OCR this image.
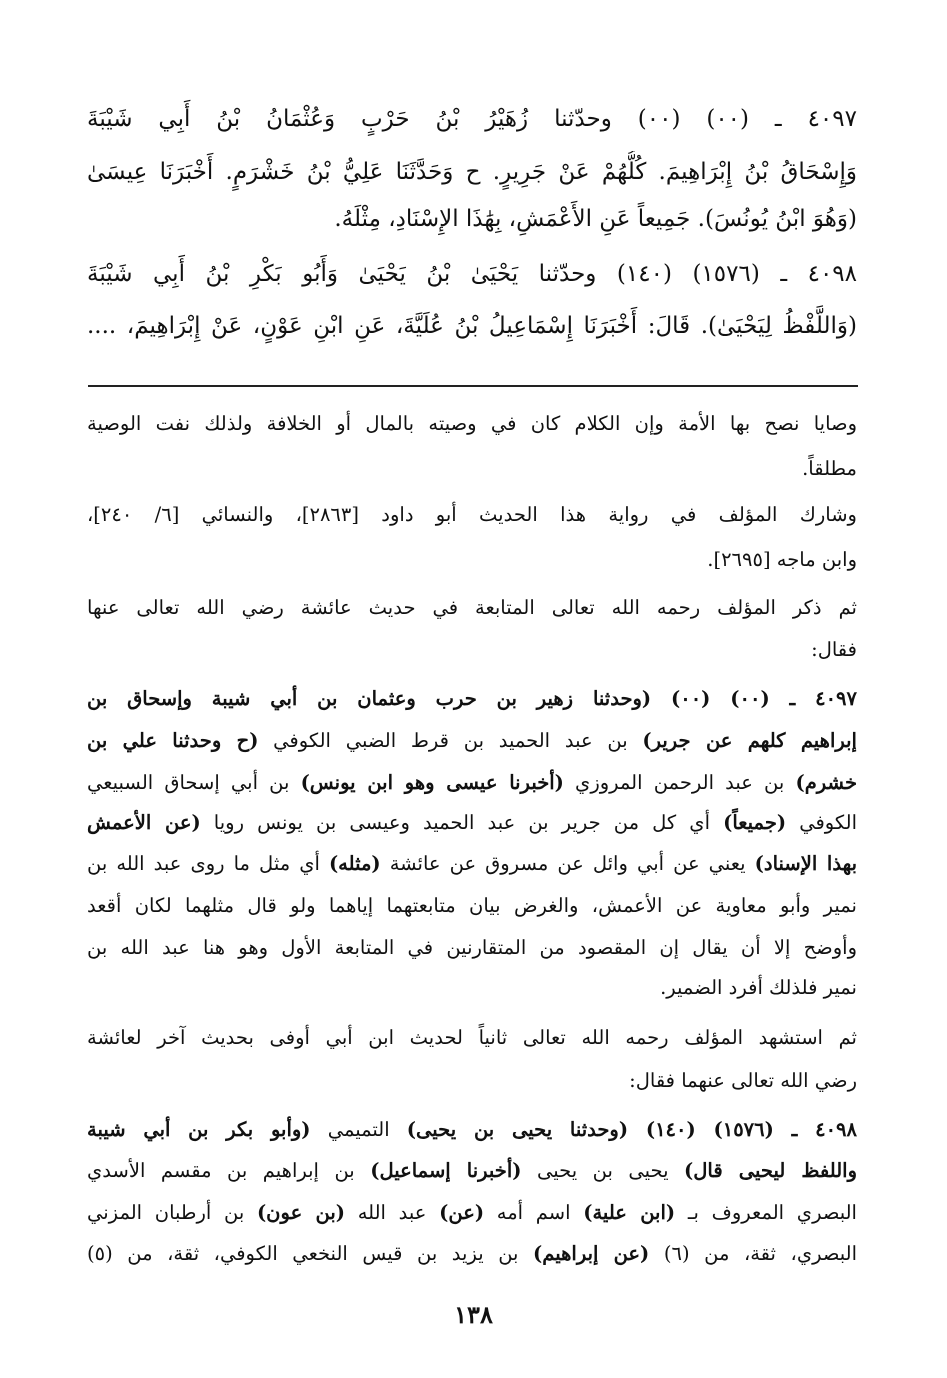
٤٠٩٧ ـ (٠٠) (٠٠) وحدّثنا زُهَيْرُ بْنُ حَرْبٍ وَعُثْمَانُ بْنُ أَبِي شَيْبَةَ
وَإِسْحَاقُ بْنُ إِبْرَاهِيمَ. كُلُّهُمْ عَنْ جَرِيرٍ. ح وَحَدَّثَنَا عَلِيُّ بْنُ خَشْرَمٍ. أَخْبَرَنَا عِيسَىٰ
(وَهُوَ ابْنُ يُونُسَ). جَمِيعاً عَنِ الأَعْمَشِ، بِهَٰذَا الإِسْنَادِ، مِثْلَهُ.
٤٠٩٨ ـ (١٥٧٦) (١٤٠) وحدّثنا يَحْيَىٰ بْنُ يَحْيَىٰ وَأَبُو بَكْرِ بْنُ أَبِي شَيْبَةَ
(وَاللَّفْظُ لِيَحْيَىٰ). قَالَ: أَخْبَرَنَا إِسْمَاعِيلُ بْنُ عُلَيَّةَ، عَنِ ابْنِ عَوْنٍ، عَنْ إِبْرَاهِيمَ، ....
وصايا نصح بها الأمة وإن الكلام كان في وصيته بالمال أو الخلافة ولذلك نفت الوصية
مطلقاً.
وشارك المؤلف في رواية هذا الحديث أبو داود [٢٨٦٣]، والنسائي [٦/ ٢٤٠]،
وابن ماجه [٢٦٩٥].
ثم ذكر المؤلف رحمه الله تعالى المتابعة في حديث عائشة رضي الله تعالى عنها
فقال:
٤٠٩٧ ـ (٠٠) (٠٠) (وحدثنا زهير بن حرب وعثمان بن أبي شيبة وإسحاق بن
إبراهيم كلهم عن جرير) بن عبد الحميد بن قرط الضبي الكوفي (ح وحدثنا علي بن
خشرم) بن عبد الرحمن المروزي (أخبرنا عيسى وهو ابن يونس) بن أبي إسحاق السبيعي
الكوفي (جميعاً) أي كل من جرير بن عبد الحميد وعيسى بن يونس رويا (عن الأعمش
بهذا الإسناد) يعني عن أبي وائل عن مسروق عن عائشة (مثله) أي مثل ما روى عبد الله بن
نمير وأبو معاوية عن الأعمش، والغرض بيان متابعتهما إياهما ولو قال مثلهما لكان أقعد
وأوضح إلا أن يقال إن المقصود من المتقارنين في المتابعة الأول وهو هنا عبد الله بن
نمير فلذلك أفرد الضمير.
ثم استشهد المؤلف رحمه الله تعالى ثانياً لحديث ابن أبي أوفى بحديث آخر لعائشة
رضي الله تعالى عنهما فقال:
٤٠٩٨ ـ (١٥٧٦) (١٤٠) (وحدثنا يحيى بن يحيى) التميمي (وأبو بكر بن أبي شيبة
واللفظ ليحيى قال) يحيى بن يحيى (أخبرنا إسماعيل) بن إبراهيم بن مقسم الأسدي
البصري المعروف بـ (ابن علية) اسم أمه (عن) عبد الله (بن عون) بن أرطبان المزني
البصري، ثقة، من (٦) (عن إبراهيم) بن يزيد بن قيس النخعي الكوفي، ثقة، من (٥)
١٣٨
